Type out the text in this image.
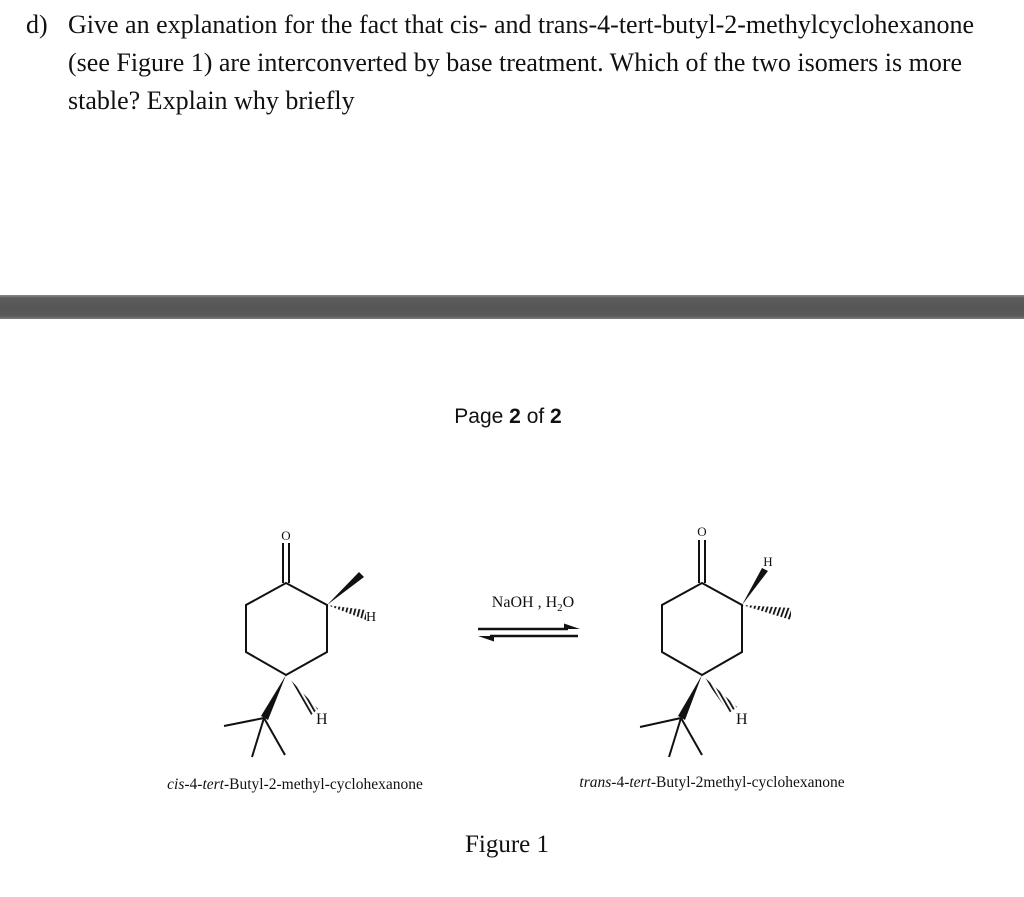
d) Give an explanation for the fact that cis- and trans-4-tert-butyl-2-methylcyclohexanone (see Figure 1) are interconverted by base treatment. Which of the two isomers is more stable? Explain why briefly
Page 2 of 2
O
H
H
cis-4-tert-Butyl-2-methyl-cyclohexanone
NaOH , $H_2O$
O
H
H
trans-4-tert-Butyl-2methyl-cyclohexanone
Figure 1
